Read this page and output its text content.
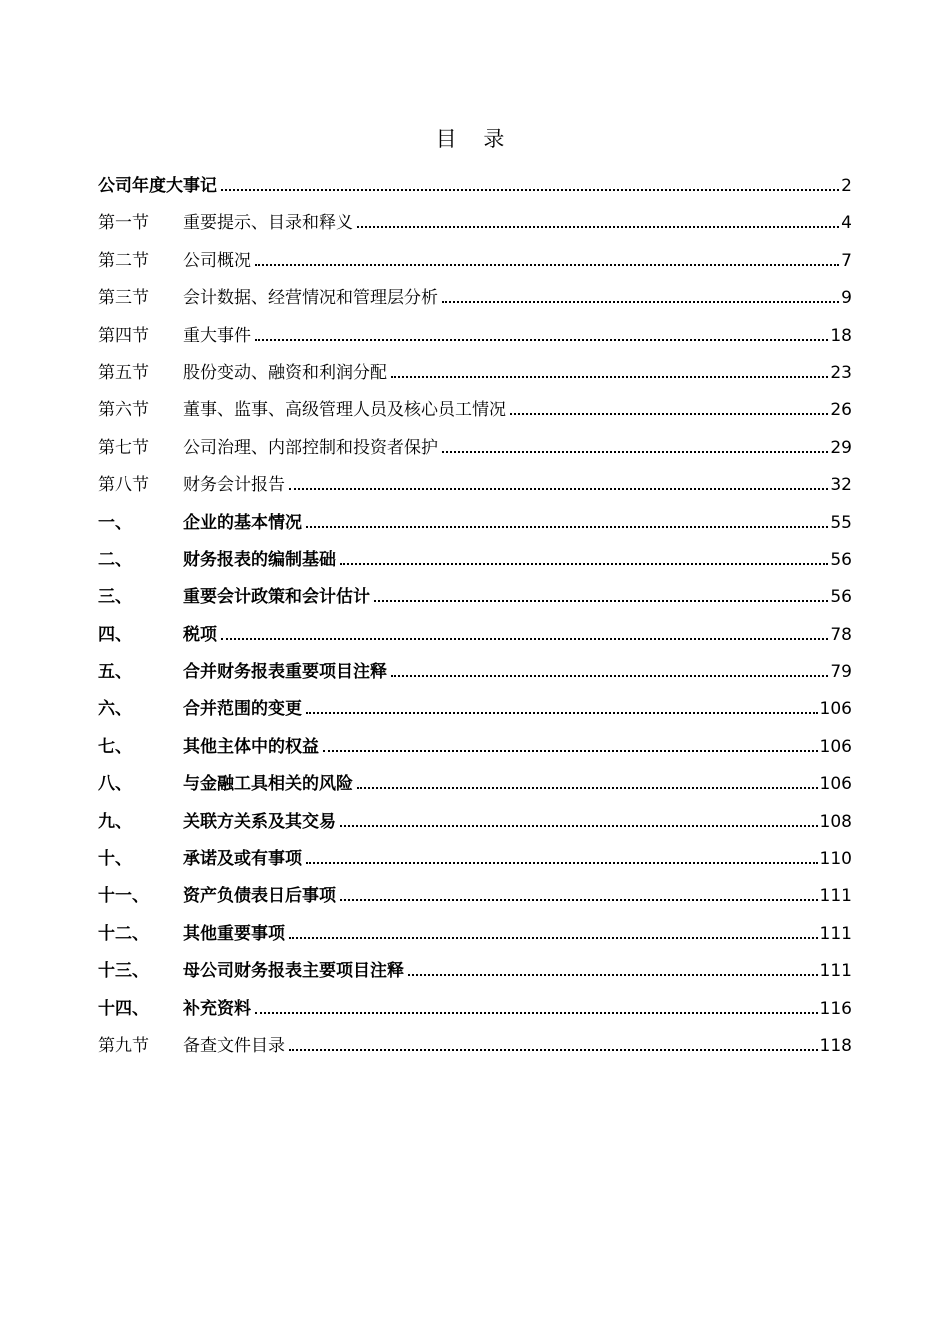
目 录
公司年度大事记	2
第一节	重要提示、目录和释义	4
第二节	公司概况	7
第三节	会计数据、经营情况和管理层分析	9
第四节	重大事件	18
第五节	股份变动、融资和利润分配	23
第六节	董事、监事、高级管理人员及核心员工情况	26
第七节	公司治理、内部控制和投资者保护	29
第八节	财务会计报告	32
一、	企业的基本情况	55
二、	财务报表的编制基础	56
三、	重要会计政策和会计估计	56
四、	税项	78
五、	合并财务报表重要项目注释	79
六、	合并范围的变更	106
七、	其他主体中的权益	106
八、	与金融工具相关的风险	106
九、	关联方关系及其交易	108
十、	承诺及或有事项	110
十一、	资产负债表日后事项	111
十二、	其他重要事项	111
十三、	母公司财务报表主要项目注释	111
十四、	补充资料	116
第九节	备查文件目录	118
